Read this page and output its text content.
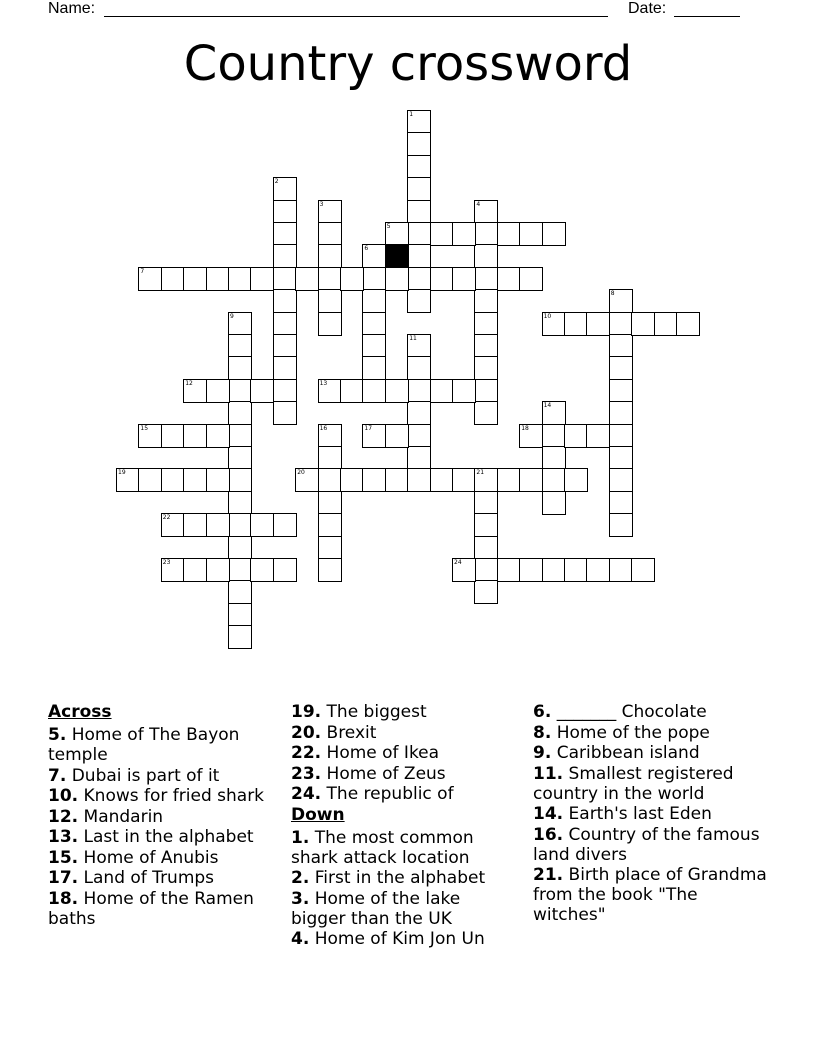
Name:	Date:
Country crossword
1
2
3	4
5
6
7
8
9	10
11
12	13
14
15	16	17	18
19	20	21
22
23	24
Across
5. Home of The Bayon temple
7. Dubai is part of it
10. Knows for fried shark
12. Mandarin
13. Last in the alphabet
15. Home of Anubis
17. Land of Trumps
18. Home of the Ramen baths
19. The biggest
20. Brexit
22. Home of Ikea
23. Home of Zeus
24. The republic of
Down
1. The most common shark attack location
2. First in the alphabet
3. Home of the lake bigger than the UK
4. Home of Kim Jon Un
6. _______ Chocolate
8. Home of the pope
9. Caribbean island
11. Smallest registered country in the world
14. Earth's last Eden
16. Country of the famous land divers
21. Birth place of Grandma from the book "The witches"
